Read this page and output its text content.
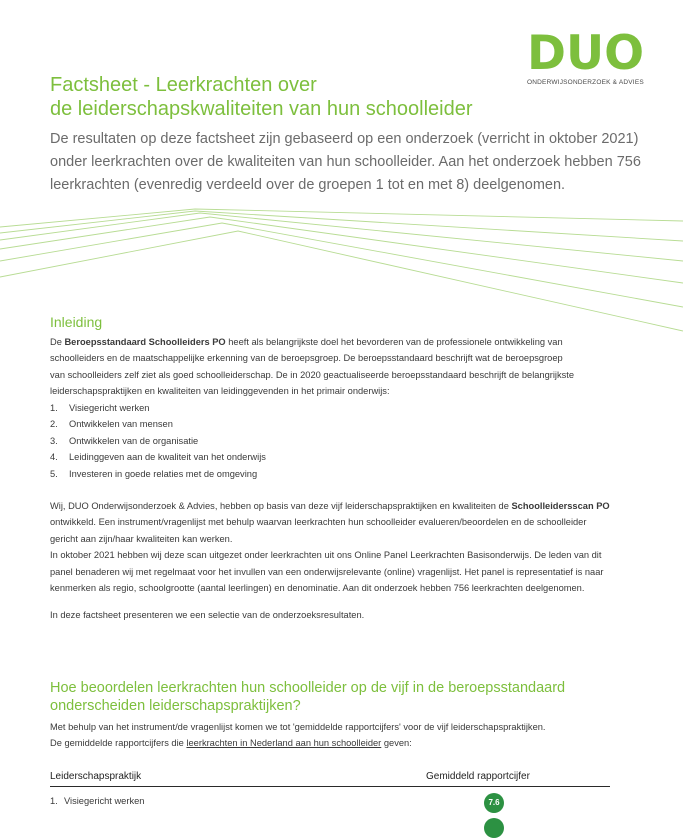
DUO
ONDERWIJSONDERZOEK & ADVIES
Factsheet - Leerkrachten over
de leiderschapskwaliteiten van hun schoolleider

De resultaten op deze factsheet zijn gebaseerd op een onderzoek (verricht in oktober 2021)
onder leerkrachten over de kwaliteiten van hun schoolleider. Aan het onderzoek hebben 756
leerkrachten (evenredig verdeeld over de groepen 1 tot en met 8) deelgenomen.

Inleiding

De Beroepsstandaard Schoolleiders PO heeft als belangrijkste doel het bevorderen van de professionele ontwikkeling van

schoolleiders en de maatschappelijke erkenning van de beroepsgroep. De beroepsstandaard beschrijft wat de beroepsgroep

van schoolleiders zelf ziet als goed schoolleiderschap. De in 2020 geactualiseerde beroepsstandaard beschrijft de belangrijkste

leiderschapspraktijken en kwaliteiten van leidinggevenden in het primair onderwijs:

1. Visiegericht werken
2. Ontwikkelen van mensen
3. Ontwikkelen van de organisatie
4. Leidinggeven aan de kwaliteit van het onderwijs
5. Investeren in goede relaties met de omgeving

Wij, DUO Onderwijsonderzoek & Advies, hebben op basis van deze vijf leiderschapspraktijken en kwaliteiten de Schoolleidersscan PO

ontwikkeld. Een instrument/vragenlijst met behulp waarvan leerkrachten hun schoolleider evalueren/beoordelen en de schoolleider

gericht aan zijn/haar kwaliteiten kan werken.

In oktober 2021 hebben wij deze scan uitgezet onder leerkrachten uit ons Online Panel Leerkrachten Basisonderwijs. De leden van dit

panel benaderen wij met regelmaat voor het invullen van een onderwijsrelevante (online) vragenlijst. Het panel is representatief is naar

kenmerken als regio, schoolgrootte (aantal leerlingen) en denominatie. Aan dit onderzoek hebben 756 leerkrachten deelgenomen.

In deze factsheet presenteren we een selectie van de onderzoeksresultaten.

Hoe beoordelen leerkrachten hun schoolleider op de vijf in de beroepsstandaard
onderscheiden leiderschapspraktijken?

Met behulp van het instrument/de vragenlijst komen we tot 'gemiddelde rapportcijfers' voor de vijf leiderschapspraktijken.

De gemiddelde rapportcijfers die leerkrachten in Nederland aan hun schoolleider geven:

Leiderschapspraktijk	Gemiddeld rapportcijfer
1. Visiegericht werken	7.6
